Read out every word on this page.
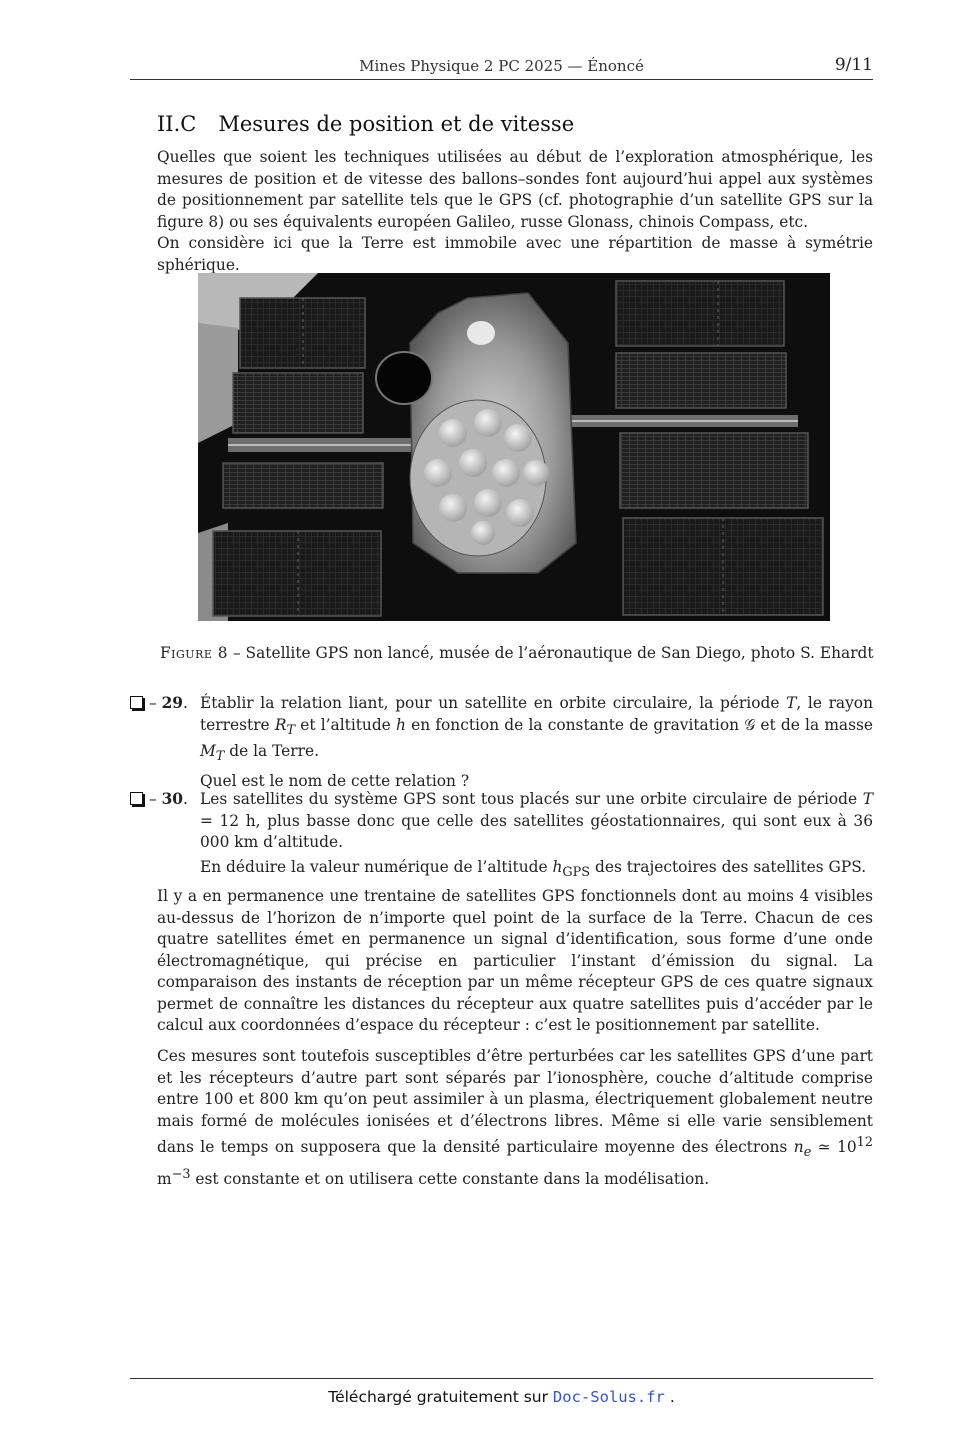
Mines Physique 2 PC 2025 — Énoncé	9/11
II.C Mesures de position et de vitesse

Quelles que soient les techniques utilisées au début de l’exploration atmosphérique, les mesures de position et de vitesse des ballons–sondes font aujourd’hui appel aux systèmes de positionnement par satellite tels que le GPS (cf. photographie d’un satellite GPS sur la figure 8) ou ses équivalents européen Galileo, russe Glonass, chinois Compass, etc.

On considère ici que la Terre est immobile avec une répartition de masse à symétrie sphérique.

Figure 8 – Satellite GPS non lancé, musée de l’aéronautique de San Diego, photo S. Ehardt
– 29. Établir la relation liant, pour un satellite en orbite circulaire, la période T, le rayon terrestre $R_T$ et l’altitude h en fonction de la constante de gravitation 𝒢 et de la masse $M_T$ de la Terre.

Quel est le nom de cette relation ?

– 30. Les satellites du système GPS sont tous placés sur une orbite circulaire de période T = 12 h, plus basse donc que celle des satellites géostationnaires, qui sont eux à 36 000 km d’altitude.

En déduire la valeur numérique de l’altitude $h_{GPS}$ des trajectoires des satellites GPS.

Il y a en permanence une trentaine de satellites GPS fonctionnels dont au moins 4 visibles au-dessus de l’horizon de n’importe quel point de la surface de la Terre. Chacun de ces quatre satellites émet en permanence un signal d’identification, sous forme d’une onde électromagnétique, qui précise en particulier l’instant d’émission du signal. La comparaison des instants de réception par un même récepteur GPS de ces quatre signaux permet de connaître les distances du récepteur aux quatre satellites puis d’accéder par le calcul aux coordonnées d’espace du récepteur : c’est le positionnement par satellite.

Ces mesures sont toutefois susceptibles d’être perturbées car les satellites GPS d’une part et les récepteurs d’autre part sont séparés par l’ionosphère, couche d’altitude comprise entre 100 et 800 km qu’on peut assimiler à un plasma, électriquement globalement neutre mais formé de molécules ionisées et d’électrons libres. Même si elle varie sensiblement dans le temps on supposera que la densité particulaire moyenne des électrons $n_e$ ≃ $10^{12}$ $m^{-3}$ est constante et on utilisera cette constante dans la modélisation.

Téléchargé gratuitement sur Doc-Solus.fr .
